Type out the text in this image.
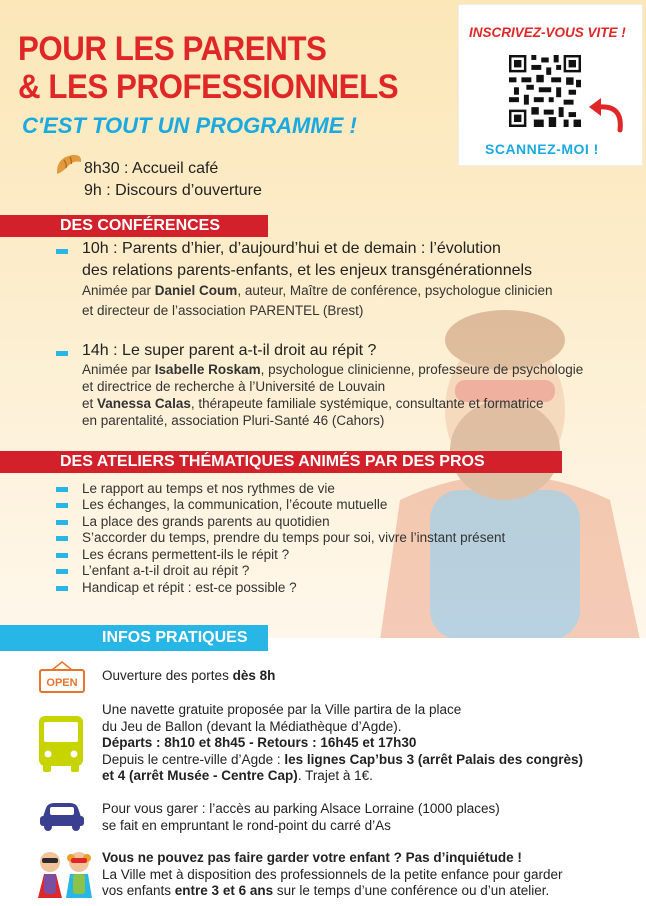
POUR LES PARENTS
& LES PROFESSIONNELS
C'EST TOUT UN PROGRAMME !
INSCRIVEZ-VOUS VITE !
SCANNEZ-MOI !
8h30 : Accueil café
9h : Discours d’ouverture
DES CONFÉRENCES
10h : Parents d’hier, d’aujourd’hui et de demain : l’évolution
des relations parents-enfants, et les enjeux transgénérationnels
Animée par Daniel Coum, auteur, Maître de conférence, psychologue clinicien
et directeur de l’association PARENTEL (Brest)
14h : Le super parent a-t-il droit au répit ?
Animée par Isabelle Roskam, psychologue clinicienne, professeure de psychologie
et directrice de recherche à l’Université de Louvain
et Vanessa Calas, thérapeute familiale systémique, consultante et formatrice
en parentalité, association Pluri-Santé 46 (Cahors)
DES ATELIERS THÉMATIQUES ANIMÉS PAR DES PROS
Le rapport au temps et nos rythmes de vie
Les échanges, la communication, l’écoute mutuelle
La place des grands parents au quotidien
S’accorder du temps, prendre du temps pour soi, vivre l’instant présent
Les écrans permettent-ils le répit ?
L’enfant a-t-il droit au répit ?
Handicap et répit : est-ce possible ?
INFOS PRATIQUES
OPEN Ouverture des portes dès 8h
Une navette gratuite proposée par la Ville partira de la place
du Jeu de Ballon (devant la Médiathèque d’Agde).
Départs : 8h10 et 8h45 - Retours : 16h45 et 17h30
Depuis le centre-ville d’Agde : les lignes Cap’bus 3 (arrêt Palais des congrès)
et 4 (arrêt Musée - Centre Cap). Trajet à 1€.
Pour vous garer : l’accès au parking Alsace Lorraine (1000 places)
se fait en empruntant le rond-point du carré d’As
Vous ne pouvez pas faire garder votre enfant ? Pas d’inquiétude !
La Ville met à disposition des professionnels de la petite enfance pour garder
vos enfants entre 3 et 6 ans sur le temps d’une conférence ou d’un atelier.
